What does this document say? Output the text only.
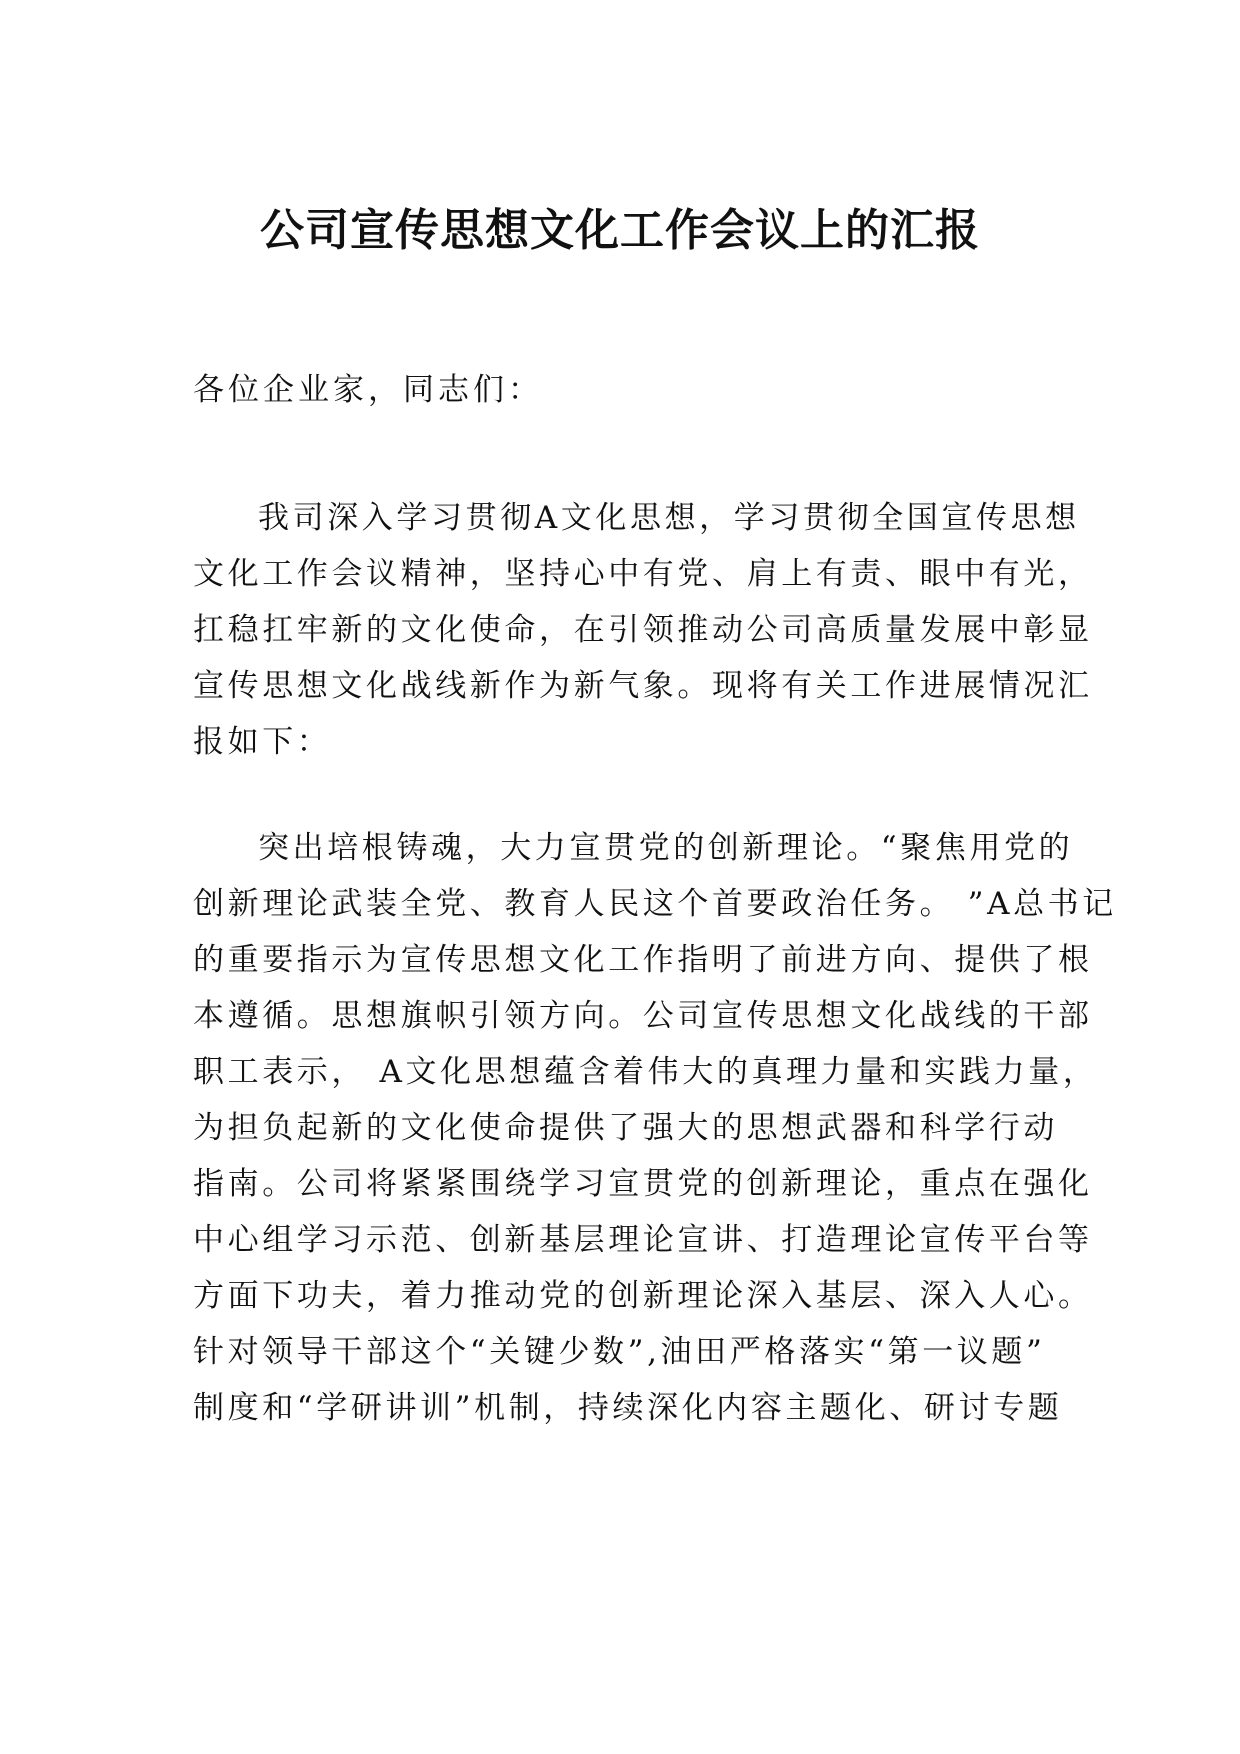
公司宣传思想文化工作会议上的汇报
各位企业家，同志们：
我司深入学习贯彻A文化思想，学习贯彻全国宣传思想
文化工作会议精神，坚持心中有党、肩上有责、眼中有光，
扛稳扛牢新的文化使命，在引领推动公司高质量发展中彰显
宣传思想文化战线新作为新气象。现将有关工作进展情况汇
报如下：
突出培根铸魂，大力宣贯党的创新理论。“聚焦用党的
创新理论武装全党、教育人民这个首要政治任务。 ”A总书记
的重要指示为宣传思想文化工作指明了前进方向、提供了根
本遵循。思想旗帜引领方向。公司宣传思想文化战线的干部
职工表示， A文化思想蕴含着伟大的真理力量和实践力量，
为担负起新的文化使命提供了强大的思想武器和科学行动
指南。公司将紧紧围绕学习宣贯党的创新理论，重点在强化
中心组学习示范、创新基层理论宣讲、打造理论宣传平台等
方面下功夫，着力推动党的创新理论深入基层、深入人心。
针对领导干部这个“关键少数”,油田严格落实“第一议题”
制度和“学研讲训”机制，持续深化内容主题化、研讨专题
